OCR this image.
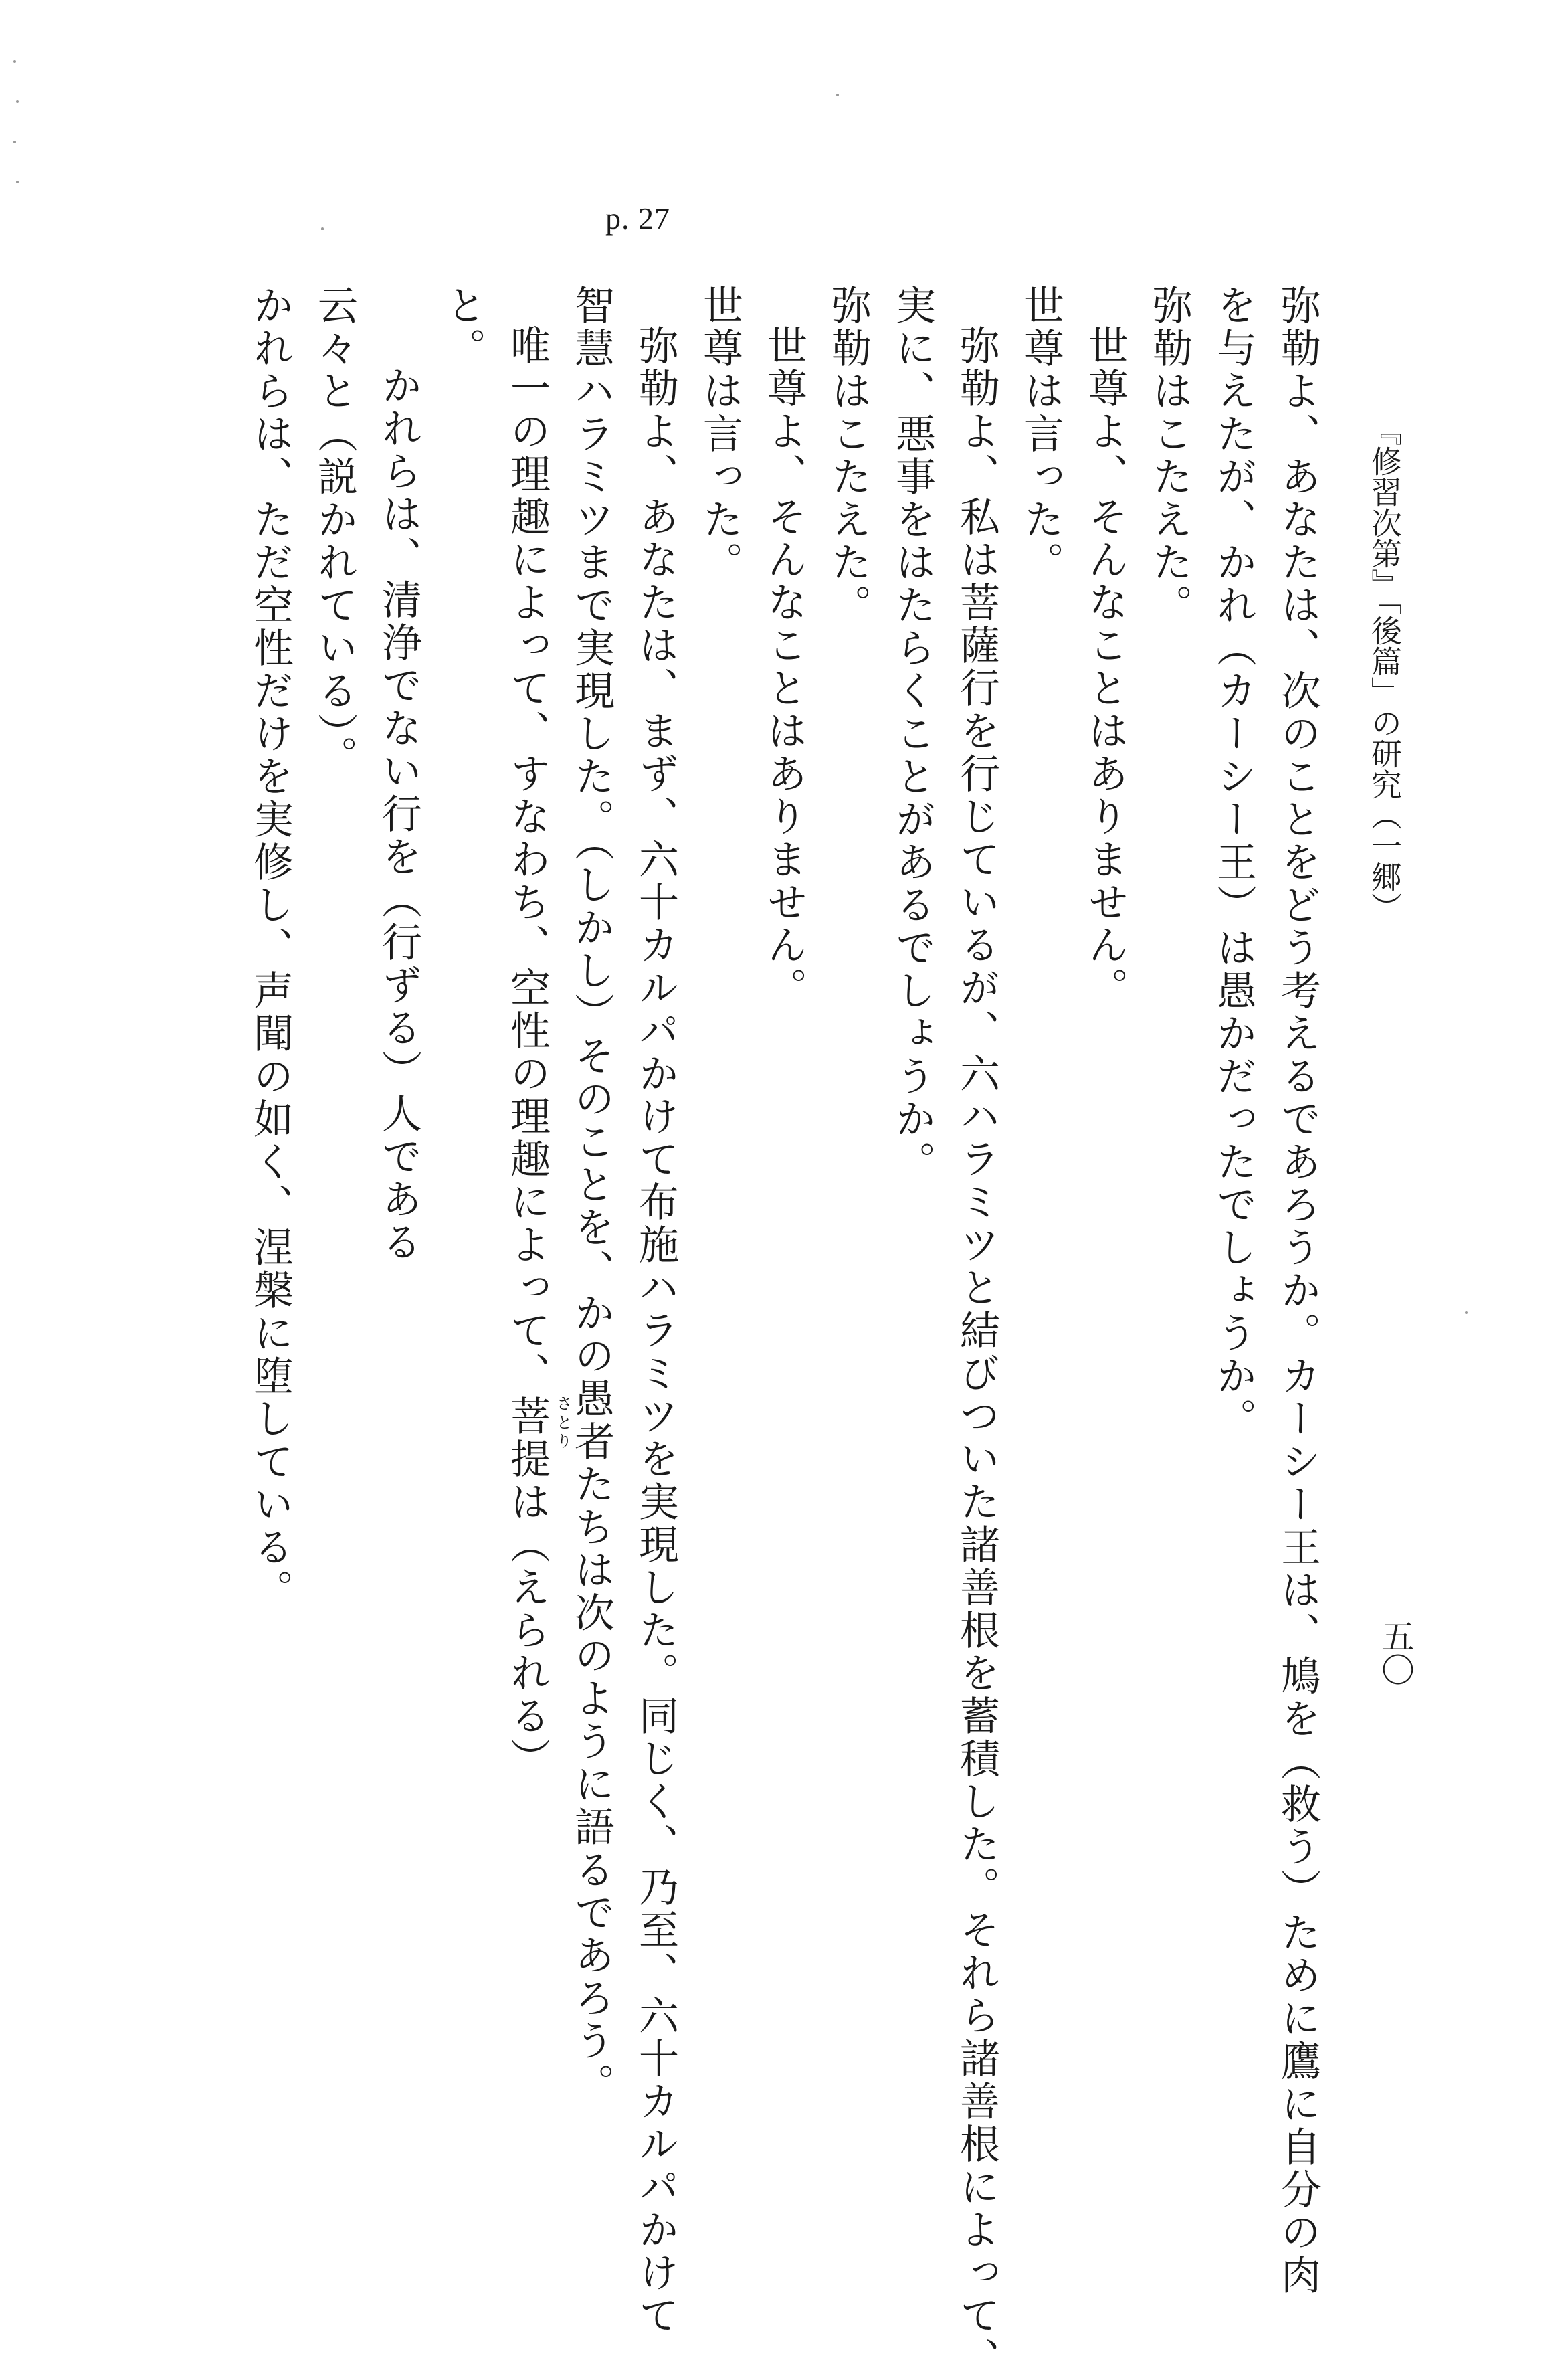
p. 27
『修習次第』「後篇」の研究（一郷）
五〇
弥勒よ、あなたは、次のことをどう考えるであろうか。カーシー王は、鳩を（救う）ために鷹に自分の肉
を与えたが、かれ（カーシー王）は愚かだったでしょうか。
弥勒はこたえた。
世尊よ、そんなことはありません。
世尊は言った。
弥勒よ、私は菩薩行を行じているが、六ハラミツと結びついた諸善根を蓄積した。それら諸善根によって、
実に、悪事をはたらくことがあるでしょうか。
弥勒はこたえた。
世尊よ、そんなことはありません。
世尊は言った。
弥勒よ、あなたは、まず、六十カルパかけて布施ハラミツを実現した。同じく、乃至、六十カルパかけて
智慧ハラミツまで実現した。（しかし）そのことを、かの愚者たちは次のように語るであろう。
唯一の理趣によって、すなわち、空性の理趣によって、菩提 さとり
は（えられる）
と。
かれらは、清浄でない行を（行ずる）人である
云々と（説かれている）。
かれらは、ただ空性だけを実修し、声聞の如く、涅槃に堕している。
